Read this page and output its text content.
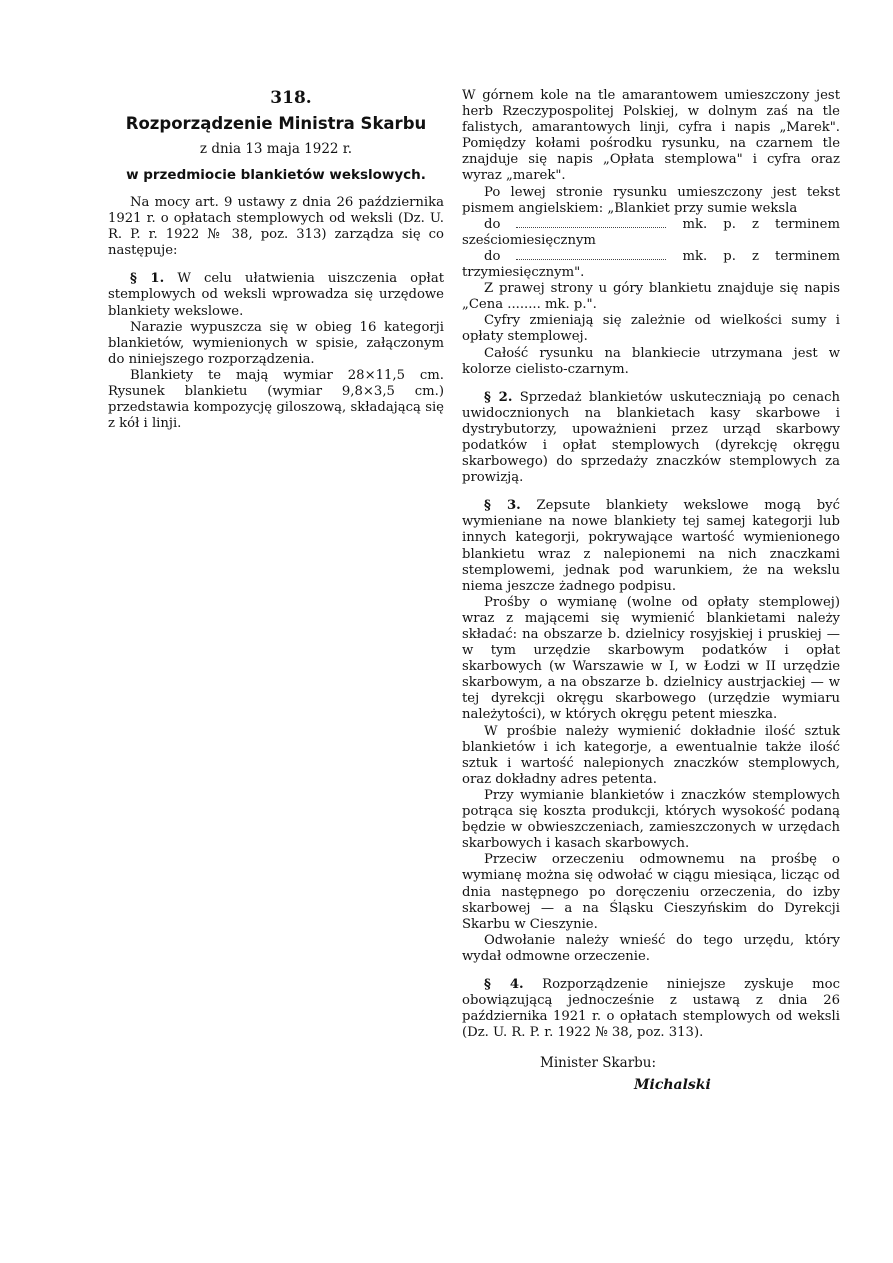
318.
Rozporządzenie Ministra Skarbu
z dnia 13 maja 1922 r.
w przedmiocie blankietów wekslowych.

Na mocy art. 9 ustawy z dnia 26 października 1921 r. o opłatach stemplowych od weksli (Dz. U. R. P. r. 1922 № 38, poz. 313) zarządza się co następuje:

§ 1. W celu ułatwienia uiszczenia opłat stemplowych od weksli wprowadza się urzędowe blankiety wekslowe.

Narazie wypuszcza się w obieg 16 kategorji blankietów, wymienionych w spisie, załączonym do niniejszego rozporządzenia.

Blankiety te mają wymiar 28×11,5 cm. Rysunek blankietu (wymiar 9,8×3,5 cm.) przedstawia kompozycję giloszową, składającą się z kół i linji.

W górnem kole na tle amarantowem umieszczony jest herb Rzeczypospolitej Polskiej, w dolnym zaś na tle falistych, amarantowych linji, cyfra i napis „Marek". Pomiędzy kołami pośrodku rysunku, na czarnem tle znajduje się napis „Opłata stemplowa" i cyfra oraz wyraz „marek".

Po lewej stronie rysunku umieszczony jest tekst pismem angielskiem: „Blankiet przy sumie weksla

do	mk. p. z terminem sześciomiesięcznym

do	mk. p. z terminem trzymiesięcznym".

Z prawej strony u góry blankietu znajduje się napis „Cena ........ mk. p.".

Cyfry zmieniają się zależnie od wielkości sumy i opłaty stemplowej.

Całość rysunku na blankiecie utrzymana jest w kolorze cielisto-czarnym.

§ 2. Sprzedaż blankietów uskuteczniają po cenach uwidocznionych na blankietach kasy skarbowe i dystrybutorzy, upoważnieni przez urząd skarbowy podatków i opłat stemplowych (dyrekcję okręgu skarbowego) do sprzedaży znaczków stemplowych za prowizją.

§ 3. Zepsute blankiety wekslowe mogą być wymieniane na nowe blankiety tej samej kategorji lub innych kategorji, pokrywające wartość wymienionego blankietu wraz z nalepionemi na nich znaczkami stemplowemi, jednak pod warunkiem, że na wekslu niema jeszcze żadnego podpisu.

Prośby o wymianę (wolne od opłaty stemplowej) wraz z mającemi się wymienić blankietami należy składać: na obszarze b. dzielnicy rosyjskiej i pruskiej — w tym urzędzie skarbowym podatków i opłat skarbowych (w Warszawie w I, w Łodzi w II urzędzie skarbowym, a na obszarze b. dzielnicy austrjackiej — w tej dyrekcji okręgu skarbowego (urzędzie wymiaru należytości), w których okręgu petent mieszka.

W prośbie należy wymienić dokładnie ilość sztuk blankietów i ich kategorje, a ewentualnie także ilość sztuk i wartość nalepionych znaczków stemplowych, oraz dokładny adres petenta.

Przy wymianie blankietów i znaczków stemplowych potrąca się koszta produkcji, których wysokość podaną będzie w obwieszczeniach, zamieszczonych w urzędach skarbowych i kasach skarbowych.

Przeciw orzeczeniu odmownemu na prośbę o wymianę można się odwołać w ciągu miesiąca, licząc od dnia następnego po doręczeniu orzeczenia, do izby skarbowej — a na Śląsku Cieszyńskim do Dyrekcji Skarbu w Cieszynie.

Odwołanie należy wnieść do tego urzędu, który wydał odmowne orzeczenie.

§ 4. Rozporządzenie niniejsze zyskuje moc obowiązującą jednocześnie z ustawą z dnia 26 października 1921 r. o opłatach stemplowych od weksli (Dz. U. R. P. r. 1922 № 38, poz. 313).

Minister Skarbu:
Michalski
